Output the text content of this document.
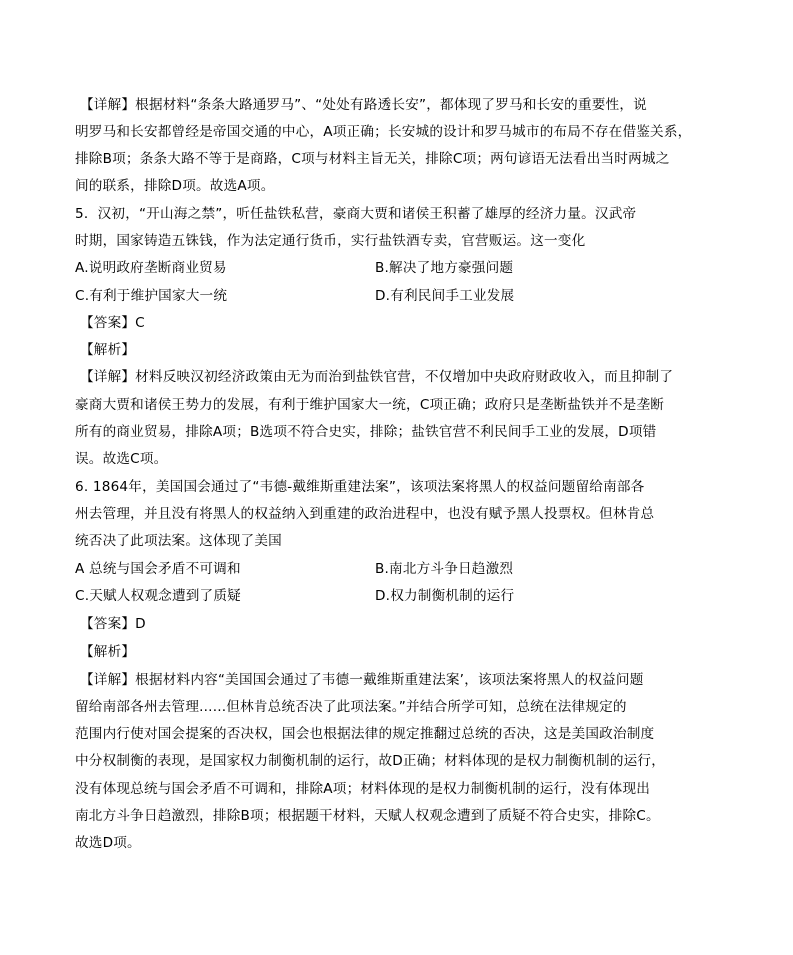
【详解】根据材料“条条大路通罗马”、“处处有路透长安”，都体现了罗马和长安的重要性，说
明罗马和长安都曾经是帝国交通的中心，A项正确；长安城的设计和罗马城市的布局不存在借鉴关系，
排除B项；条条大路不等于是商路，C项与材料主旨无关，排除C项；两句谚语无法看出当时两城之
间的联系，排除D项。故选A项。
5．汉初，“开山海之禁”，听任盐铁私营，豪商大贾和诸侯王积蓄了雄厚的经济力量。汉武帝
时期，国家铸造五铢钱，作为法定通行货币，实行盐铁酒专卖，官营贩运。这一变化
A.说明政府垄断商业贸易	B.解决了地方豪强问题
C.有利于维护国家大一统	D.有利民间手工业发展
【答案】C
【解析】
【详解】材料反映汉初经济政策由无为而治到盐铁官营，不仅增加中央政府财政收入，而且抑制了
豪商大贾和诸侯王势力的发展，有利于维护国家大一统，C项正确；政府只是垄断盐铁并不是垄断
所有的商业贸易，排除A项；B选项不符合史实，排除；盐铁官营不利民间手工业的发展，D项错
误。故选C项。
6. 1864年，美国国会通过了“韦德-戴维斯重建法案”，该项法案将黑人的权益问题留给南部各
州去管理，并且没有将黑人的权益纳入到重建的政治进程中，也没有赋予黑人投票权。但林肯总
统否决了此项法案。这体现了美国
A 总统与国会矛盾不可调和	B.南北方斗争日趋激烈
C.天赋人权观念遭到了质疑	D.权力制衡机制的运行
【答案】D
【解析】
【详解】根据材料内容“美国国会通过了韦德一戴维斯重建法案’，该项法案将黑人的权益问题
留给南部各州去管理......但林肯总统否决了此项法案。”并结合所学可知，总统在法律规定的
范围内行使对国会提案的否决权，国会也根据法律的规定推翻过总统的否决，这是美国政治制度
中分权制衡的表现，是国家权力制衡机制的运行，故D正确；材料体现的是权力制衡机制的运行，
没有体现总统与国会矛盾不可调和，排除A项；材料体现的是权力制衡机制的运行，没有体现出
南北方斗争日趋激烈，排除B项；根据题干材料，天赋人权观念遭到了质疑不符合史实，排除C。
故选D项。
